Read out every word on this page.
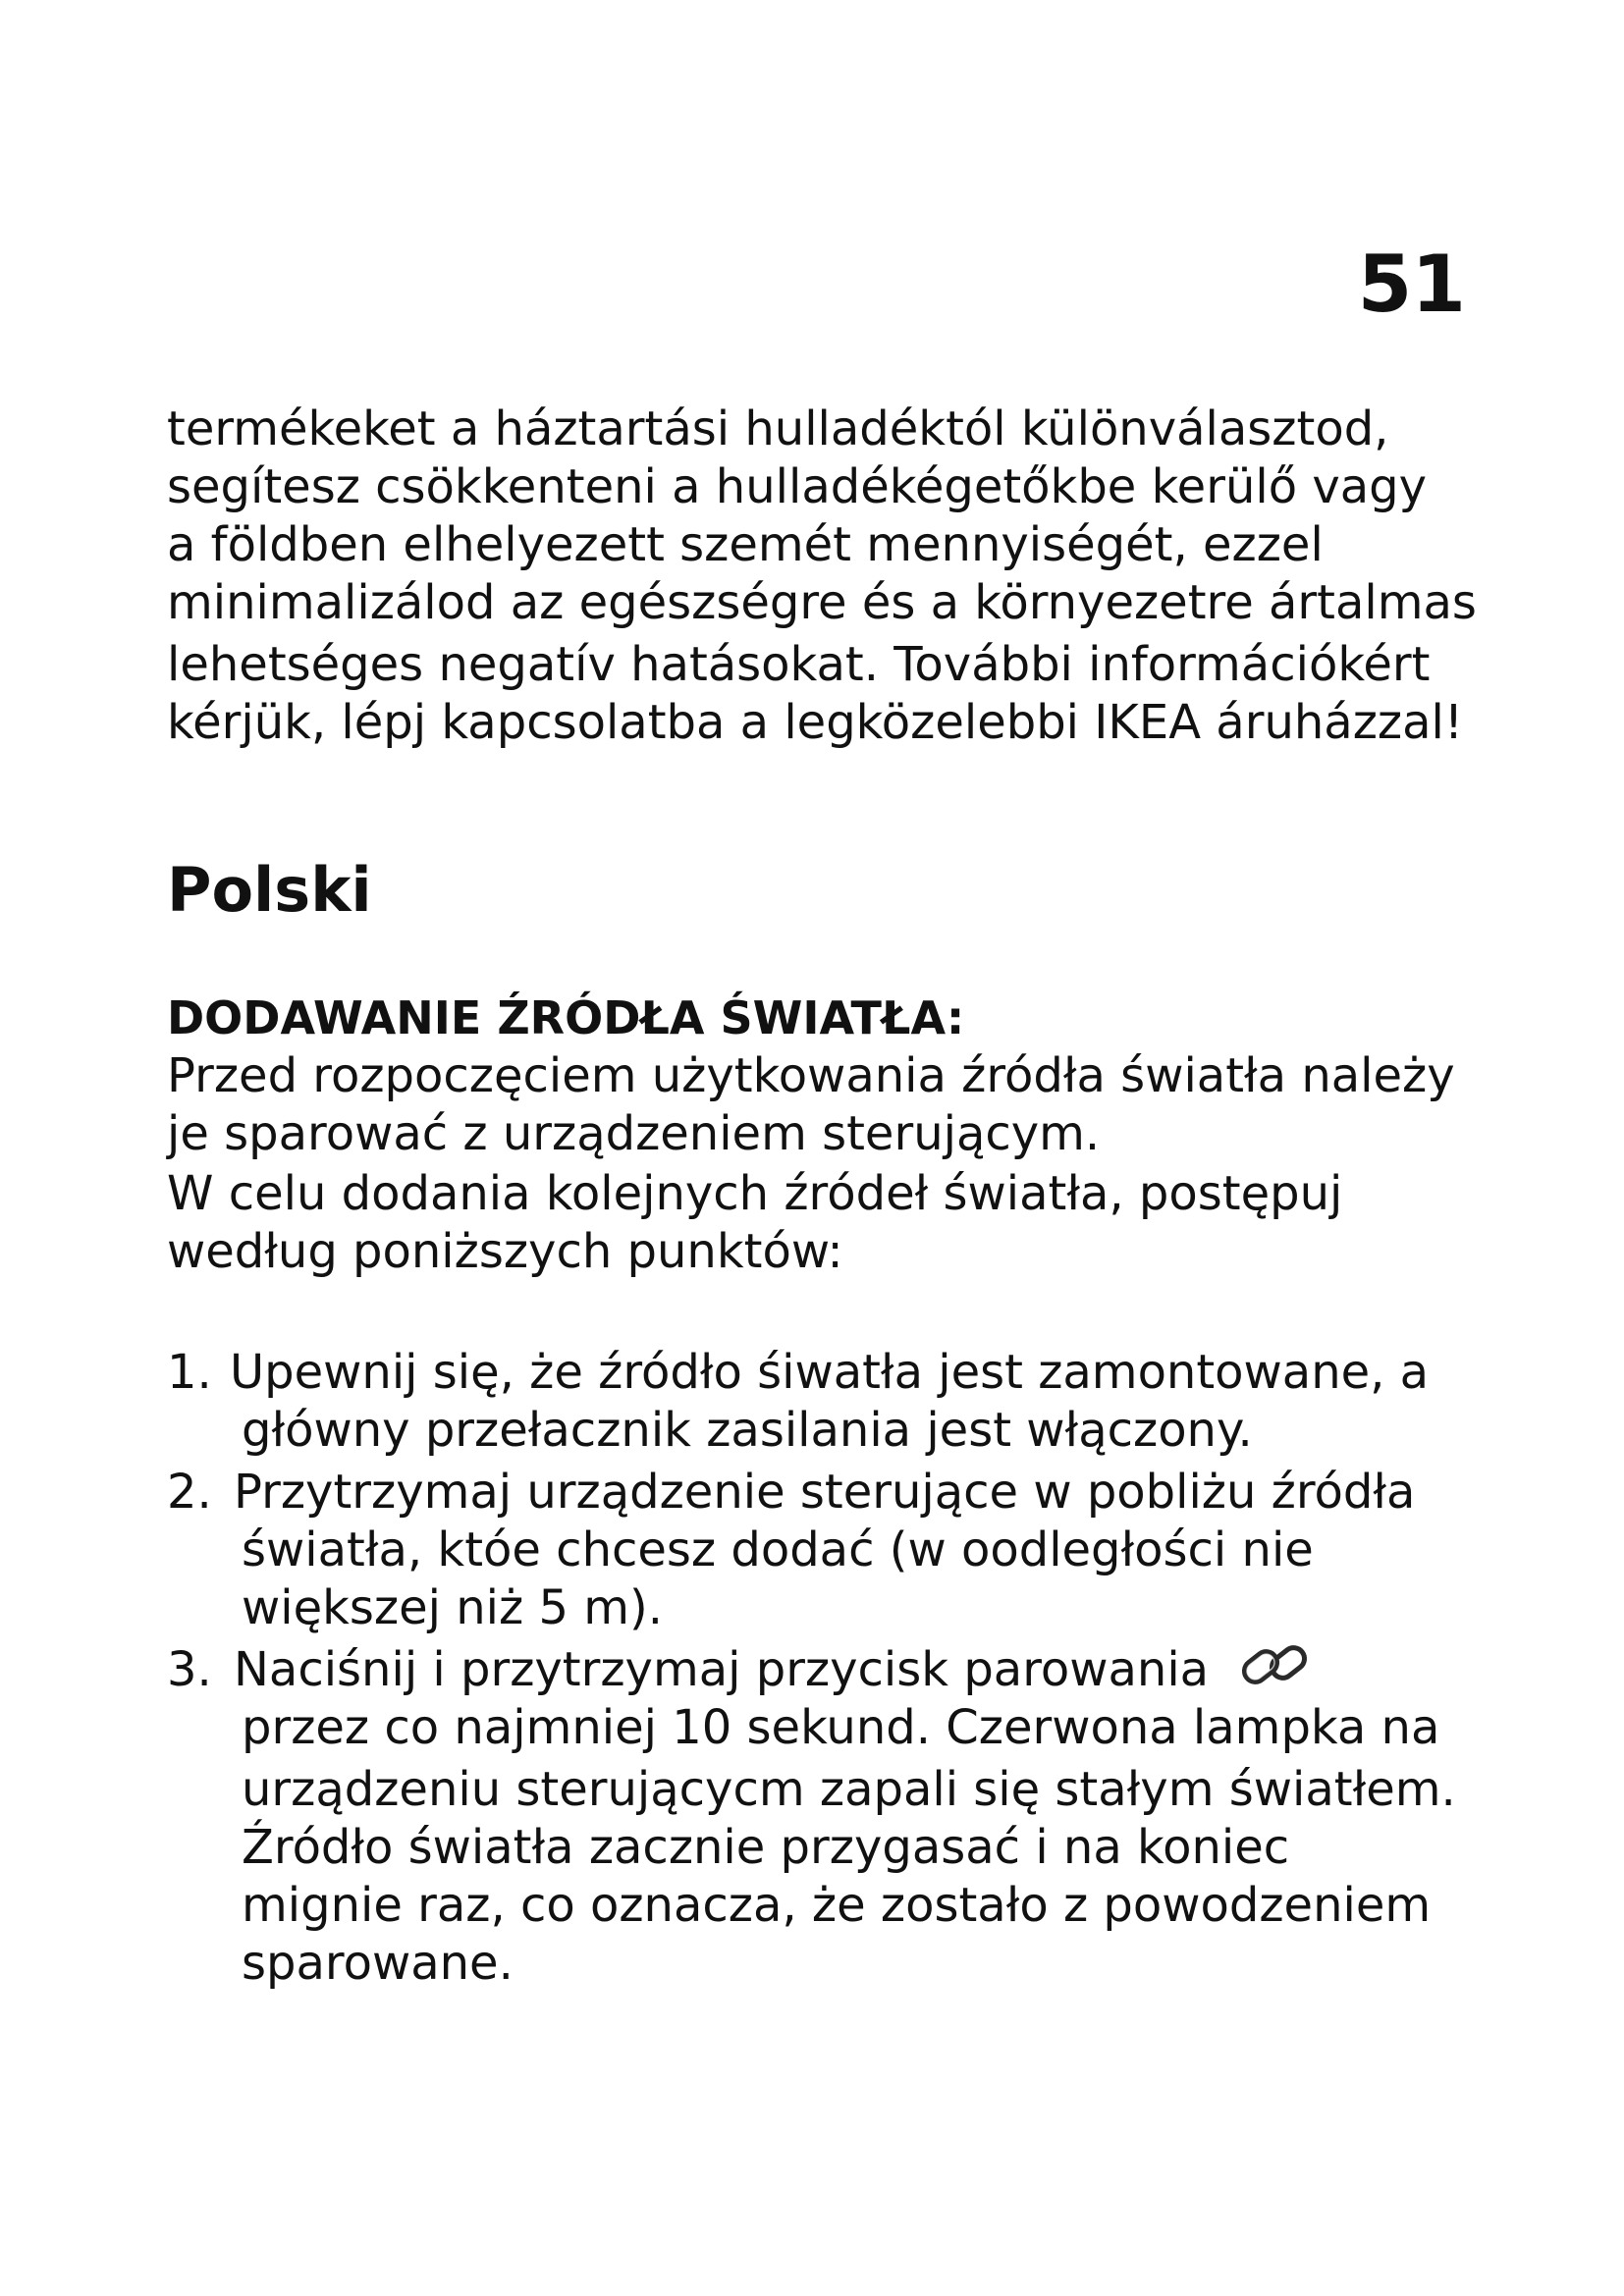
51

termékeket a háztartási hulladéktól különválasztod,
segítesz csökkenteni a hulladékégetőkbe kerülő vagy
a földben elhelyezett szemét mennyiségét, ezzel
minimalizálod az egészségre és a környezetre ártalmas
lehetséges negatív hatásokat. További információkért
kérjük, lépj kapcsolatba a legközelebbi IKEA áruházzal!

Polski
DODAWANIE ŹRÓDŁA ŚWIATŁA:

Przed rozpoczęciem użytkowania źródła światła należy
je sparować z urządzeniem sterującym.

W celu dodania kolejnych źródeł światła, postępuj
według poniższych punktów:

1. Upewnij się, że źródło śiwatła jest zamontowane, a
główny przełacznik zasilania jest włączony.
2. Przytrzymaj urządzenie sterujące w pobliżu źródła
światła, któe chcesz dodać (w oodległości nie
większej niż 5 m).
3. Naciśnij i przytrzymaj przycisk parowania
przez co najmniej 10 sekund. Czerwona lampka na
urządzeniu sterującycm zapali się stałym światłem.
Źródło światła zacznie przygasać i na koniec
mignie raz, co oznacza, że zostało z powodzeniem
sparowane.
